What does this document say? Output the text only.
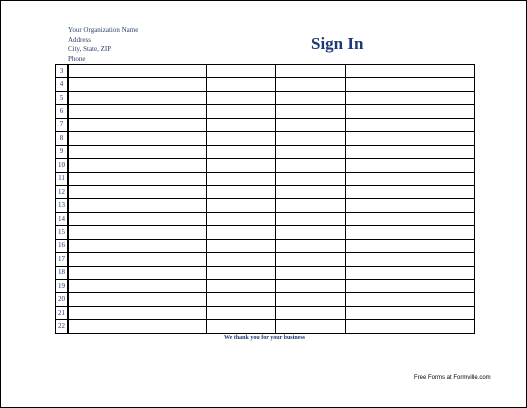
Your Organization Name
Address
City, State, ZIP
Phone
Sign In
3					
4					
5					
6					
7					
8					
9					
10					
11					
12					
13					
14					
15					
16					
17					
18					
19					
20					
21					
22					
We thank you for your business
Free Forms at Formville.com
